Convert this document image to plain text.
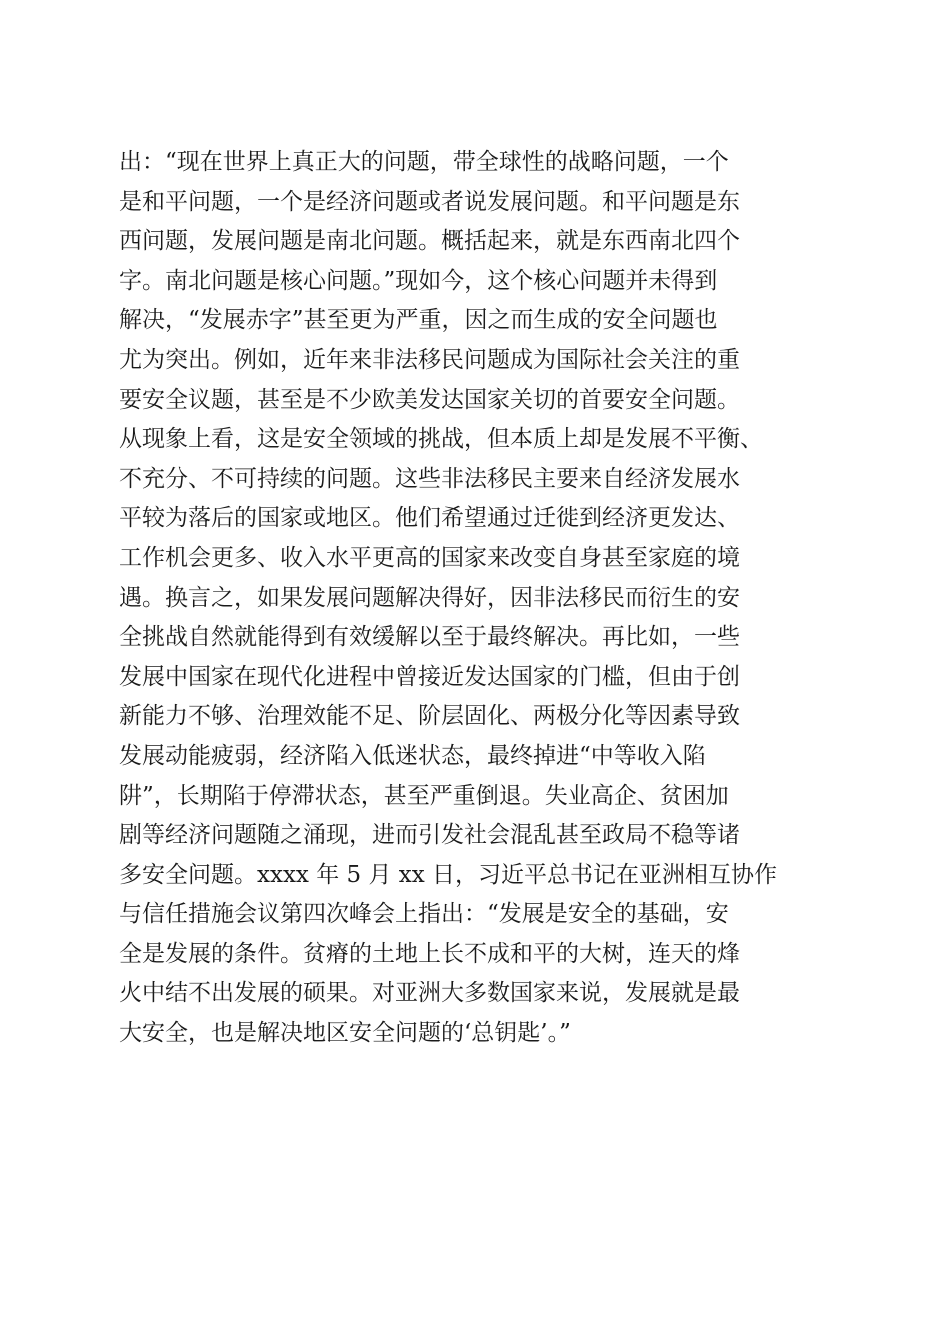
出：“现在世界上真正大的问题，带全球性的战略问题，一个
是和平问题，一个是经济问题或者说发展问题。和平问题是东
西问题，发展问题是南北问题。概括起来，就是东西南北四个
字。南北问题是核心问题。”现如今，这个核心问题并未得到
解决，“发展赤字”甚至更为严重，因之而生成的安全问题也
尤为突出。例如，近年来非法移民问题成为国际社会关注的重
要安全议题，甚至是不少欧美发达国家关切的首要安全问题。
从现象上看，这是安全领域的挑战，但本质上却是发展不平衡、
不充分、不可持续的问题。这些非法移民主要来自经济发展水
平较为落后的国家或地区。他们希望通过迁徙到经济更发达、
工作机会更多、收入水平更高的国家来改变自身甚至家庭的境
遇。换言之，如果发展问题解决得好，因非法移民而衍生的安
全挑战自然就能得到有效缓解以至于最终解决。再比如，一些
发展中国家在现代化进程中曾接近发达国家的门槛，但由于创
新能力不够、治理效能不足、阶层固化、两极分化等因素导致
发展动能疲弱，经济陷入低迷状态，最终掉进“中等收入陷
阱”，长期陷于停滞状态，甚至严重倒退。失业高企、贫困加
剧等经济问题随之涌现，进而引发社会混乱甚至政局不稳等诸
多安全问题。xxxx 年 5 月 xx 日，习近平总书记在亚洲相互协作
与信任措施会议第四次峰会上指出：“发展是安全的基础，安
全是发展的条件。贫瘠的土地上长不成和平的大树，连天的烽
火中结不出发展的硕果。对亚洲大多数国家来说，发展就是最
大安全，也是解决地区安全问题的‘总钥匙’。”
